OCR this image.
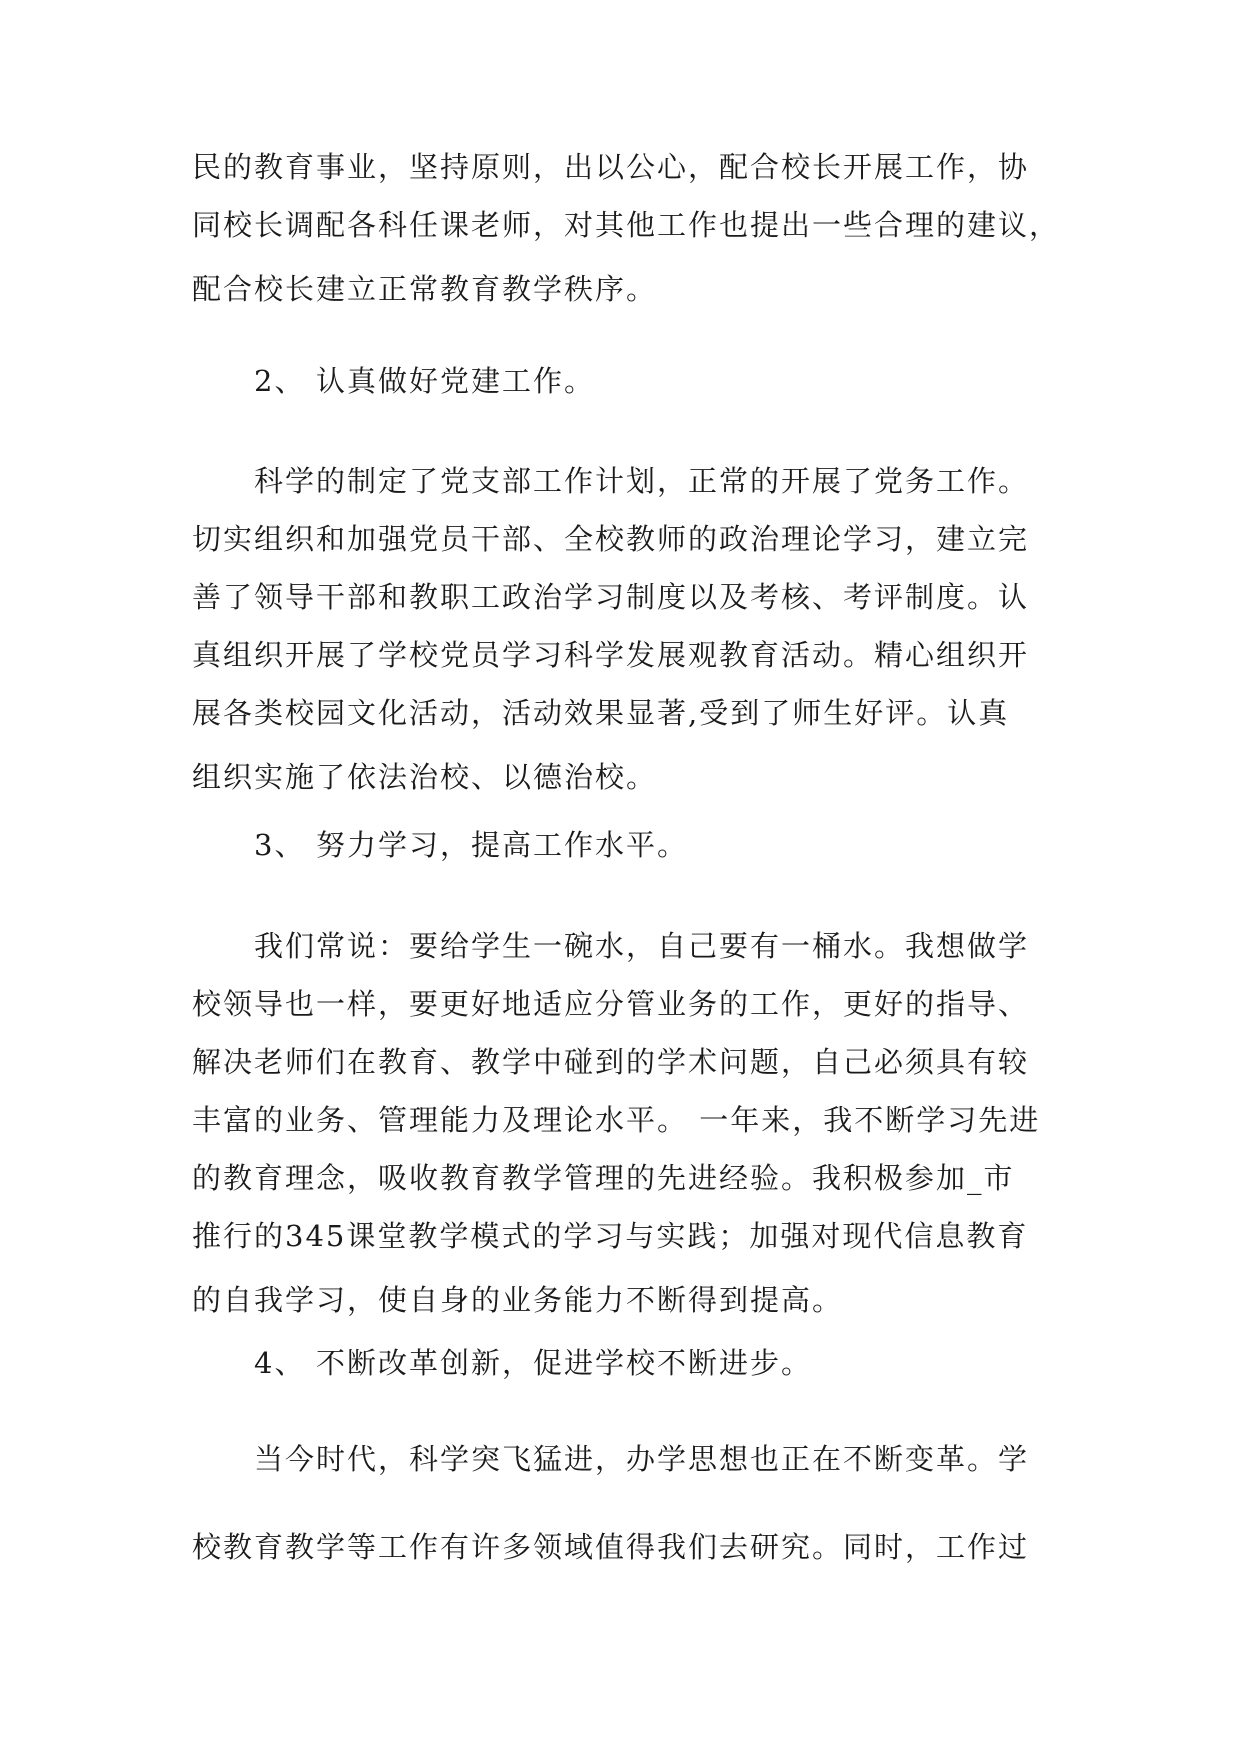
民的教育事业，坚持原则，出以公心，配合校长开展工作，协
同校长调配各科任课老师，对其他工作也提出一些合理的建议，
配合校长建立正常教育教学秩序。
2、 认真做好党建工作。
科学的制定了党支部工作计划，正常的开展了党务工作。
切实组织和加强党员干部、全校教师的政治理论学习，建立完
善了领导干部和教职工政治学习制度以及考核、考评制度。认
真组织开展了学校党员学习科学发展观教育活动。精心组织开
展各类校园文化活动，活动效果显著,受到了师生好评。认真
组织实施了依法治校、以德治校。
3、 努力学习，提高工作水平。
我们常说：要给学生一碗水，自己要有一桶水。我想做学
校领导也一样，要更好地适应分管业务的工作，更好的指导、
解决老师们在教育、教学中碰到的学术问题，自己必须具有较
丰富的业务、管理能力及理论水平。 一年来，我不断学习先进
的教育理念，吸收教育教学管理的先进经验。我积极参加_市
推行的345课堂教学模式的学习与实践；加强对现代信息教育
的自我学习，使自身的业务能力不断得到提高。
4、 不断改革创新，促进学校不断进步。
当今时代，科学突飞猛进，办学思想也正在不断变革。学
校教育教学等工作有许多领域值得我们去研究。同时，工作过
